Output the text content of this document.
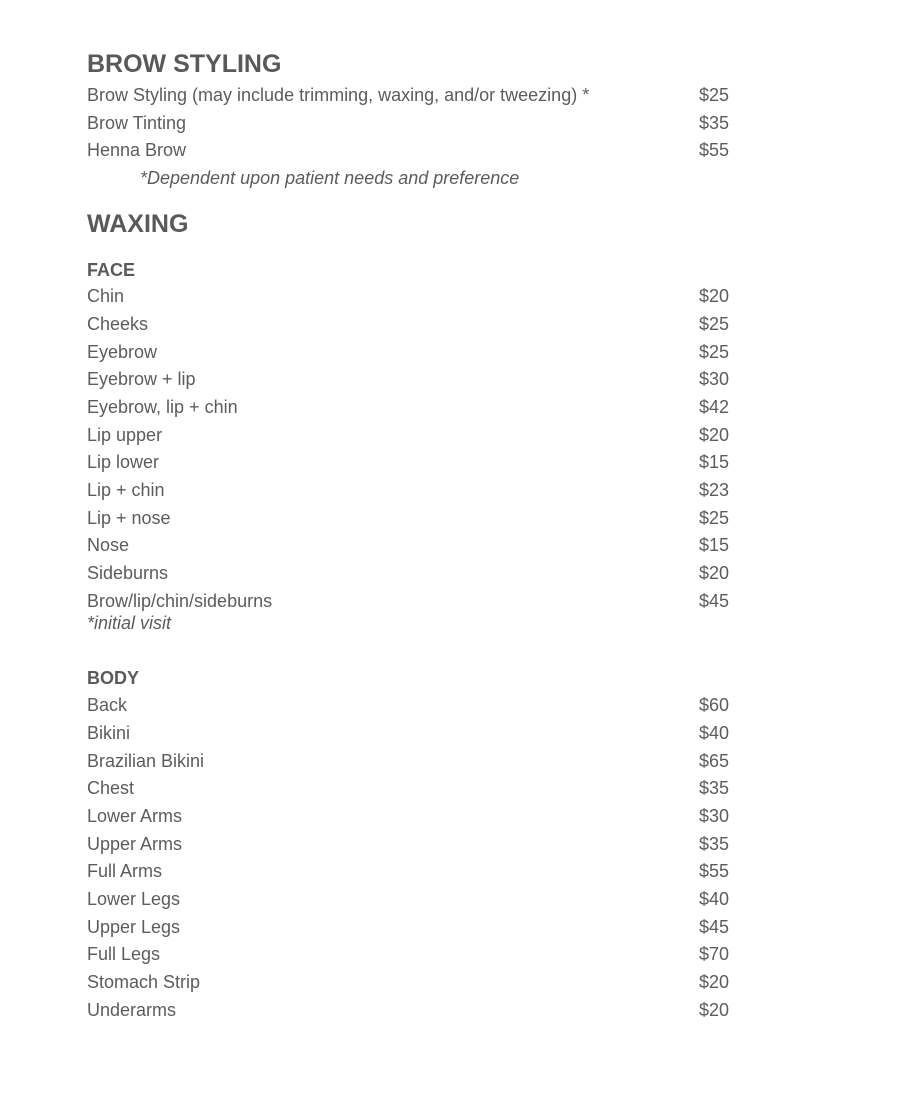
BROW STYLING
Brow Styling (may include trimming, waxing, and/or tweezing) *	$25
Brow Tinting	$35
Henna Brow	$55
*Dependent upon patient needs and preference
WAXING
FACE
Chin	$20
Cheeks	$25
Eyebrow	$25
Eyebrow + lip	$30
Eyebrow, lip + chin	$42
Lip upper	$20
Lip lower	$15
Lip + chin	$23
Lip + nose	$25
Nose	$15
Sideburns	$20
Brow/lip/chin/sideburns	$45
*initial visit
BODY
Back	$60
Bikini	$40
Brazilian Bikini	$65
Chest	$35
Lower Arms	$30
Upper Arms	$35
Full Arms	$55
Lower Legs	$40
Upper Legs	$45
Full Legs	$70
Stomach Strip	$20
Underarms	$20
